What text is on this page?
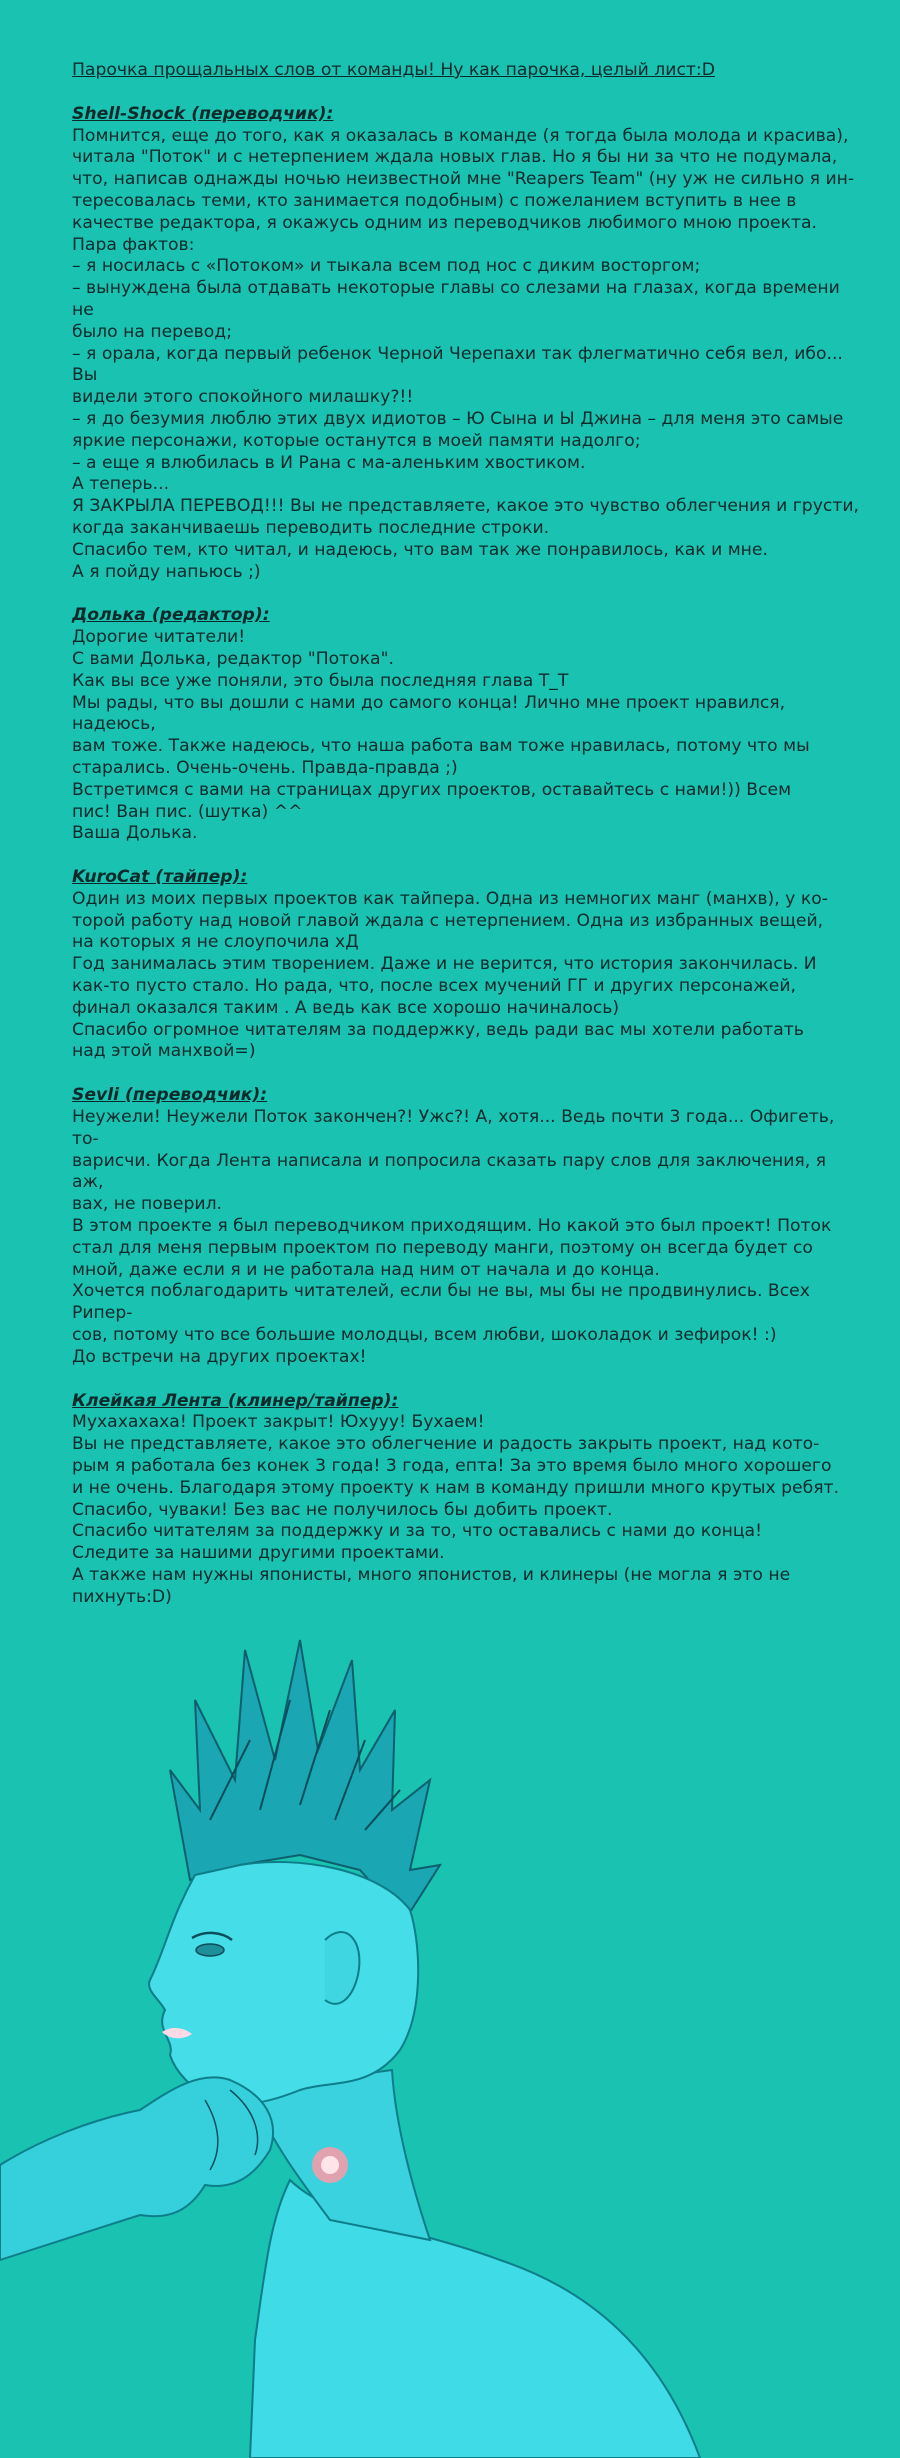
Парочка прощальных слов от команды! Ну как парочка, целый лист:D
Shell-Shock (переводчик):
Помнится, еще до того, как я оказалась в команде (я тогда была молода и красива),
читала "Поток" и с нетерпением ждала новых глав. Но я бы ни за что не подумала,
что, написав однажды ночью неизвестной мне "Reapers Team" (ну уж не сильно я ин-
тересовалась теми, кто занимается подобным) с пожеланием вступить в нее в
качестве редактора, я окажусь одним из переводчиков любимого мною проекта.
Пара фактов:
– я носилась с «Потоком» и тыкала всем под нос с диким восторгом;
– вынуждена была отдавать некоторые главы со слезами на глазах, когда времени не
было на перевод;
– я орала, когда первый ребенок Черной Черепахи так флегматично себя вел, ибо... Вы
видели этого спокойного милашку?!!
– я до безумия люблю этих двух идиотов – Ю Сына и Ы Джина – для меня это самые
яркие персонажи, которые останутся в моей памяти надолго;
– а еще я влюбилась в И Рана с ма-аленьким хвостиком.
А теперь...
Я ЗАКРЫЛА ПЕРЕВОД!!! Вы не представляете, какое это чувство облегчения и грусти,
когда заканчиваешь переводить последние строки.
Спасибо тем, кто читал, и надеюсь, что вам так же понравилось, как и мне.
А я пойду напьюсь ;)
Долька (редактор):
Дорогие читатели!
С вами Долька, редактор "Потока".
Как вы все уже поняли, это была последняя глава T_T
Мы рады, что вы дошли с нами до самого конца! Лично мне проект нравился, надеюсь,
вам тоже. Также надеюсь, что наша работа вам тоже нравилась, потому что мы
старались. Очень-очень. Правда-правда ;)
Встретимся с вами на страницах других проектов, оставайтесь с нами!)) Всем
пис! Ван пис. (шутка) ^^
Ваша Долька.
KuroCat (тайпер):
Один из моих первых проектов как тайпера. Одна из немногих манг (манхв), у ко-
торой работу над новой главой ждала с нетерпением. Одна из избранных вещей,
на которых я не слоупочила xД
Год занималась этим творением. Даже и не верится, что история закончилась. И
как-то пусто стало. Но рада, что, после всех мучений ГГ и других персонажей,
финал оказался таким . А ведь как все хорошо начиналось)
Спасибо огромное читателям за поддержку, ведь ради вас мы хотели работать
над этой манхвой=)
Sevli (переводчик):
Неужели! Неужели Поток закончен?! Ужс?! А, хотя... Ведь почти 3 года... Офигеть, то-
варисчи. Когда Лента написала и попросила сказать пару слов для заключения, я аж,
вах, не поверил.
В этом проекте я был переводчиком приходящим. Но какой это был проект! Поток
стал для меня первым проектом по переводу манги, поэтому он всегда будет со
мной, даже если я и не работала над ним от начала и до конца.
Хочется поблагодарить читателей, если бы не вы, мы бы не продвинулись. Всех Рипер-
сов, потому что все большие молодцы, всем любви, шоколадок и зефирок! :)
До встречи на других проектах!
Клейкая Лента (клинер/тайпер):
Мухахахаха! Проект закрыт! Юхууу! Бухаем!
Вы не представляете, какое это облегчение и радость закрыть проект, над кото-
рым я работала без конек 3 года! 3 года, епта! За это время было много хорошего
и не очень. Благодаря этому проекту к нам в команду пришли много крутых ребят.
Спасибо, чуваки! Без вас не получилось бы добить проект.
Спасибо читателям за поддержку и за то, что оставались с нами до конца!
Следите за нашими другими проектами.
А также нам нужны японисты, много японистов, и клинеры (не могла я это не
пихнуть:D)
